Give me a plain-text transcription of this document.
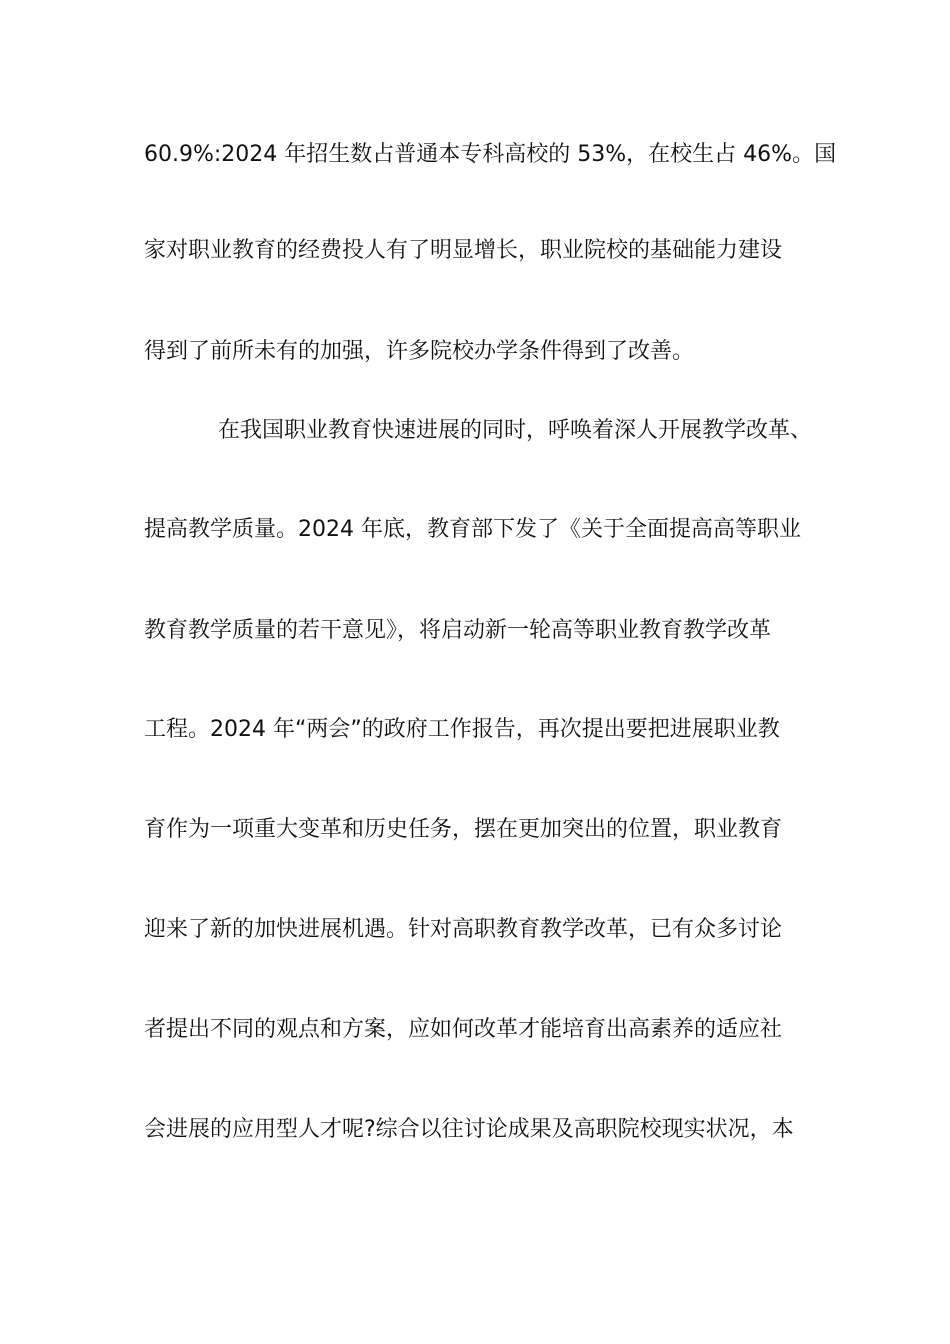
60.9%:2024 年招生数占普通本专科高校的 53%，在校生占 46%。国
家对职业教育的经费投人有了明显增长，职业院校的基础能力建设
得到了前所未有的加强，许多院校办学条件得到了改善。
在我国职业教育快速进展的同时，呼唤着深人开展教学改革、
提高教学质量。2024 年底，教育部下发了《关于全面提高高等职业
教育教学质量的若干意见》，将启动新一轮高等职业教育教学改革
工程。2024 年“两会”的政府工作报告，再次提出要把进展职业教
育作为一项重大变革和历史任务，摆在更加突出的位置，职业教育
迎来了新的加快进展机遇。针对高职教育教学改革，已有众多讨论
者提出不同的观点和方案，应如何改革才能培育出高素养的适应社
会进展的应用型人才呢?综合以往讨论成果及高职院校现实状况，本
